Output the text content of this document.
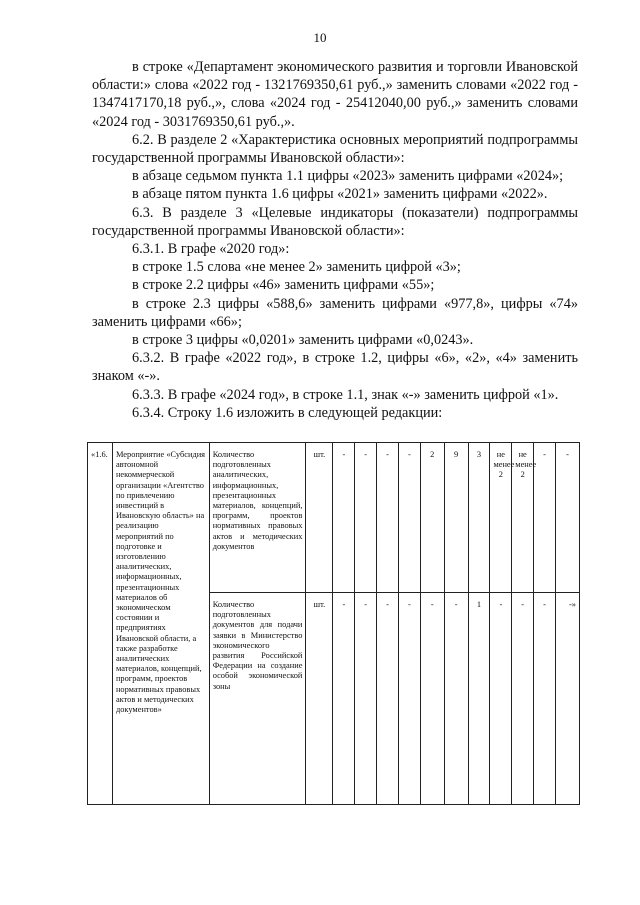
10

в строке «Департамент экономического развития и торговли Ивановской области:» слова «2022 год - 1321769350,61 руб.,» заменить словами «2022 год - 1347417170,18 руб.,», слова «2024 год - 25412040,00 руб.,» заменить словами «2024 год - 3031769350,61 руб.,».

6.2. В разделе 2 «Характеристика основных мероприятий подпрограммы государственной программы Ивановской области»:

в абзаце седьмом пункта 1.1 цифры «2023» заменить цифрами «2024»;

в абзаце пятом пункта 1.6 цифры «2021» заменить цифрами «2022».

6.3. В разделе 3 «Целевые индикаторы (показатели) подпрограммы государственной программы Ивановской области»:

6.3.1. В графе «2020 год»:

в строке 1.5 слова «не менее 2» заменить цифрой «3»;

в строке 2.2 цифры «46» заменить цифрами «55»;

в строке 2.3 цифры «588,6» заменить цифрами «977,8», цифры «74» заменить цифрами «66»;

в строке 3 цифры «0,0201» заменить цифрами «0,0243».

6.3.2. В графе «2022 год», в строке 1.2, цифры «6», «2», «4» заменить знаком «-».

6.3.3. В графе «2024 год», в строке 1.1, знак «-» заменить цифрой «1».

6.3.4. Строку 1.6 изложить в следующей редакции:

«1.6.	Мероприятие «Субсидия автономной некоммерческой организации «Агентство по привлечению инвестиций в Ивановскую область» на реализацию мероприятий по подготовке и изготовлению аналитических, информационных, презентационных материалов об экономическом состоянии и предприятиях Ивановской области, а также разработке аналитических материалов, концепций, программ, проектов нормативных правовых актов и методических документов»	Количество подготовленных аналитических, информационных, презентационных материалов, концепций, программ, проектов нормативных правовых актов и методических документов	шт.	-	-	-	-	2	9	3	не менее 2	не менее 2	-	-
		Количество подготовленных документов для подачи заявки в Министерство экономического развития Российской Федерации на создание особой экономической зоны	шт.	-	-	-	-	-	-	1	-	-	-	-»
